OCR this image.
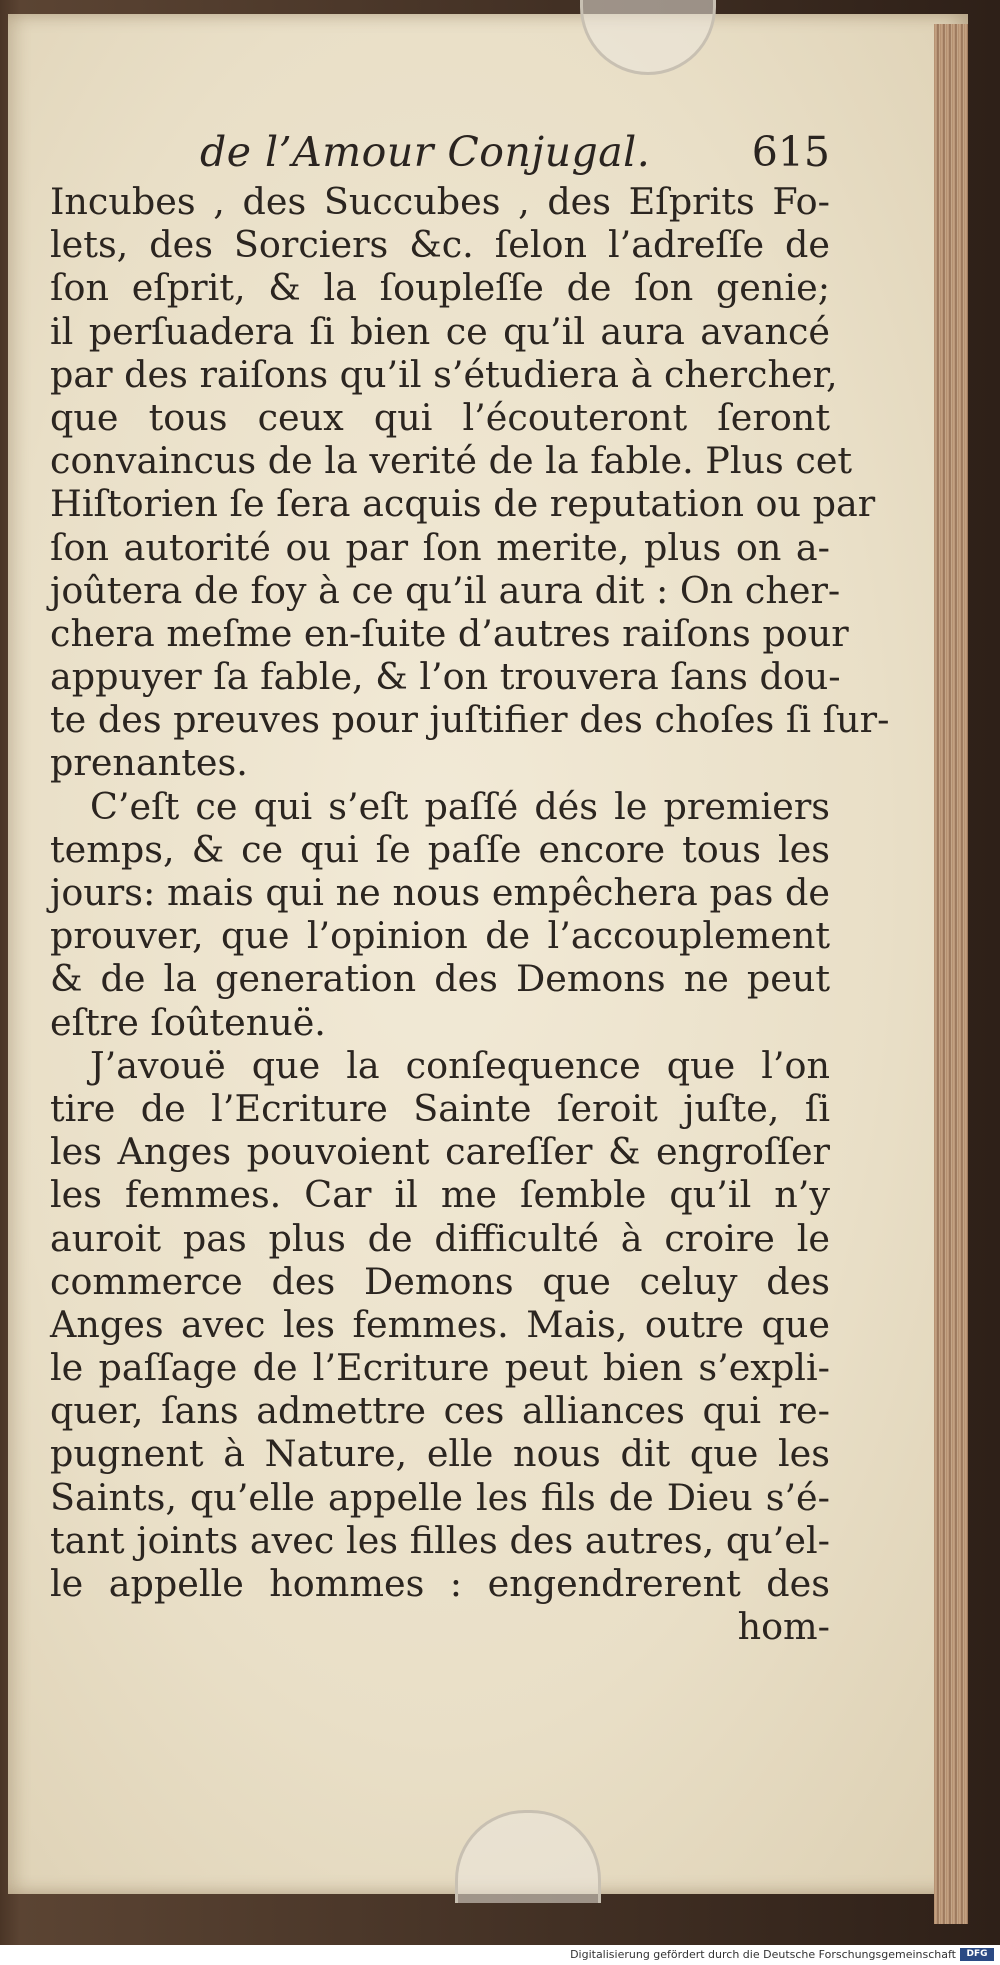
de l’Amour Conjugal. 615
Incubes , des Succubes , des Eſprits Fo-
lets, des Sorciers &c. ſelon l’adreſſe de
ſon eſprit, & la ſoupleſſe de ſon genie;
il perſuadera ſi bien ce qu’il aura avancé
par des raiſons qu’il s’étudiera à chercher,
que tous ceux qui l’écouteront ſeront
convaincus de la verité de la fable. Plus cet
Hiſtorien ſe ſera acquis de reputation ou par
ſon autorité ou par ſon merite, plus on a-
joûtera de foy à ce qu’il aura dit : On cher-
chera meſme en-ſuite d’autres raiſons pour
appuyer ſa fable, & l’on trouvera ſans dou-
te des preuves pour juſtifier des choſes ſi ſur-
prenantes.
C’eſt ce qui s’eſt paſſé dés le premiers
temps, & ce qui ſe paſſe encore tous les
jours: mais qui ne nous empêchera pas de
prouver, que l’opinion de l’accouplement
& de la generation des Demons ne peut
eſtre ſoûtenuë.
J’avouë que la conſequence que l’on
tire de l’Ecriture Sainte ſeroit juſte, ſi
les Anges pouvoient careſſer & engroſſer
les femmes. Car il me ſemble qu’il n’y
auroit pas plus de difficulté à croire le
commerce des Demons que celuy des
Anges avec les femmes. Mais, outre que
le paſſage de l’Ecriture peut bien s’expli-
quer, ſans admettre ces alliances qui re-
pugnent à Nature, elle nous dit que les
Saints, qu’elle appelle les fils de Dieu s’é-
tant joints avec les filles des autres, qu’el-
le appelle hommes : engendrerent des
hom-
Digitalisierung gefördert durch die Deutsche Forschungsgemeinschaft	DFG
